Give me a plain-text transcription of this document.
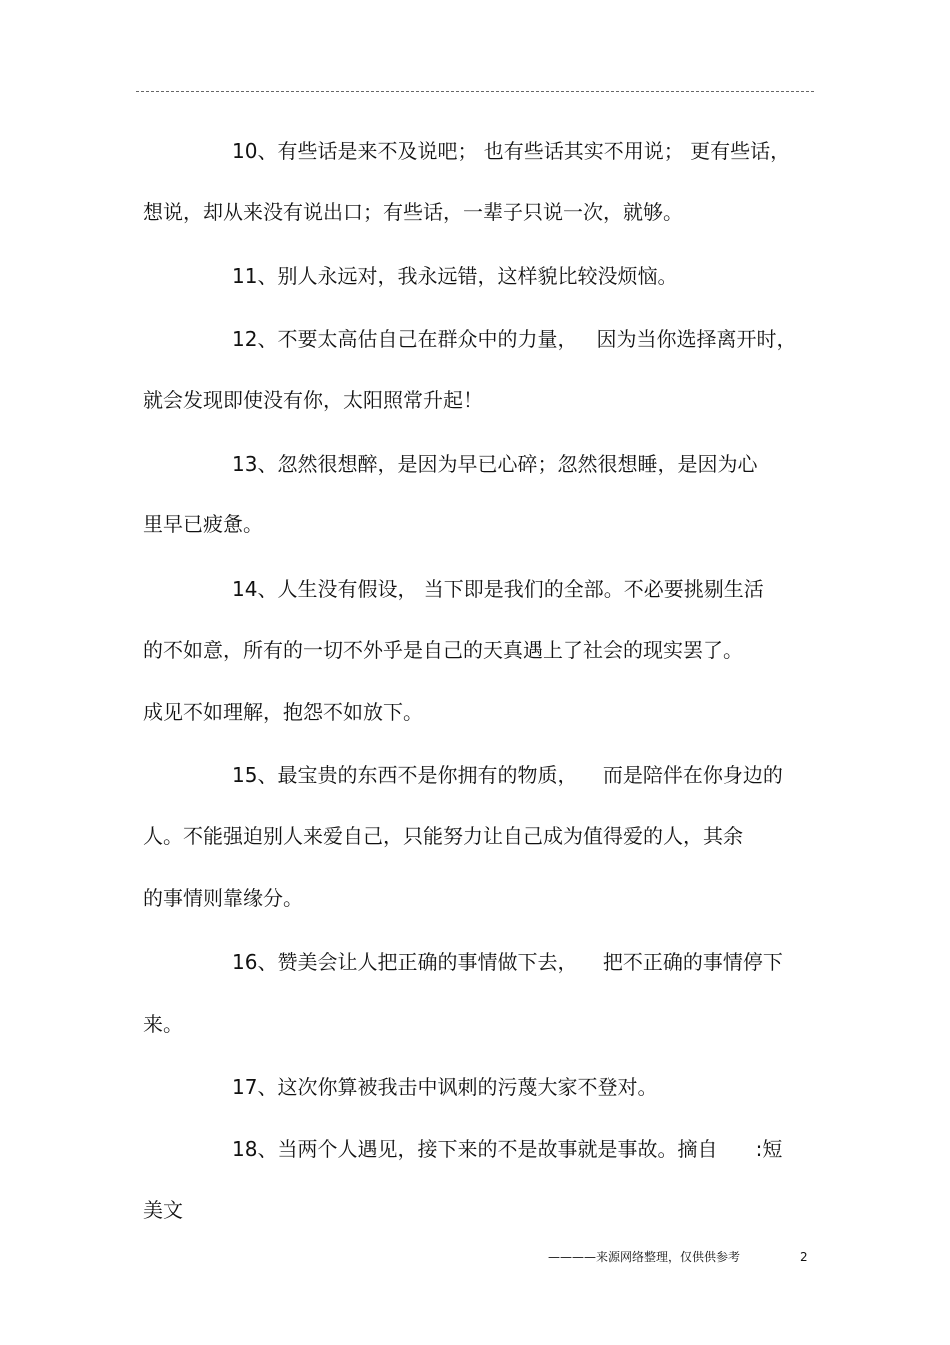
10、有些话是来不及说吧； 也有些话其实不用说； 更有些话，
想说，却从来没有说出口；有些话，一辈子只说一次，就够。
11、别人永远对，我永远错，这样貌比较没烦恼。
12、不要太高估自己在群众中的力量，   因为当你选择离开时，
就会发现即使没有你，太阳照常升起！
13、忽然很想醉，是因为早已心碎；忽然很想睡，是因为心
里早已疲惫。
14、人生没有假设， 当下即是我们的全部。不必要挑剔生活
的不如意，所有的一切不外乎是自己的天真遇上了社会的现实罢了。
成见不如理解，抱怨不如放下。
15、最宝贵的东西不是你拥有的物质，    而是陪伴在你身边的
人。不能强迫别人来爱自己，只能努力让自己成为值得爱的人，其余
的事情则靠缘分。
16、赞美会让人把正确的事情做下去，    把不正确的事情停下
来。
17、这次你算被我击中讽刺的污蔑大家不登对。
18、当两个人遇见，接下来的不是故事就是事故。摘自      :短
美文
————来源网络整理，仅供供参考	2
